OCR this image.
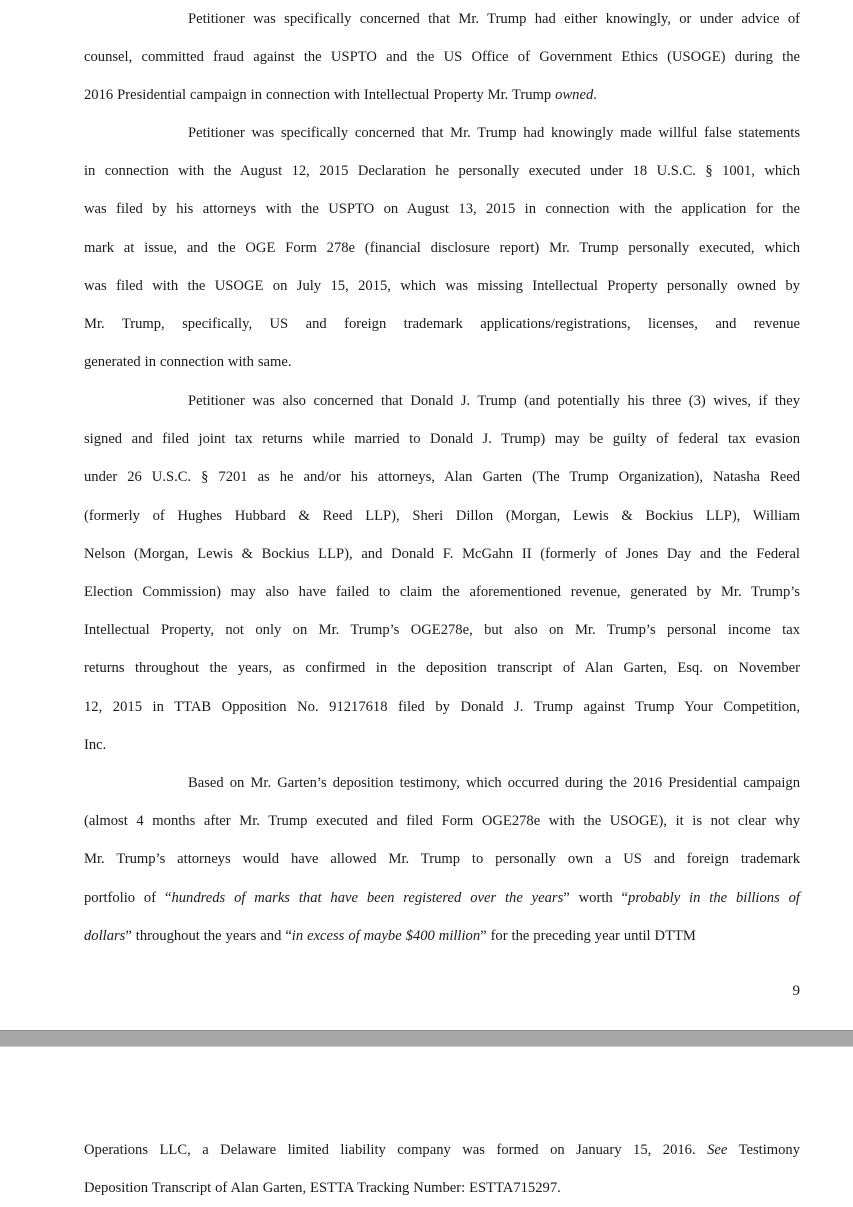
Petitioner was specifically concerned that Mr. Trump had either knowingly, or under advice of
counsel, committed fraud against the USPTO and the US Office of Government Ethics (USOGE) during the
2016 Presidential campaign in connection with Intellectual Property Mr. Trump owned.
Petitioner was specifically concerned that Mr. Trump had knowingly made willful false statements
in connection with the August 12, 2015 Declaration he personally executed under 18 U.S.C. § 1001, which
was filed by his attorneys with the USPTO on August 13, 2015 in connection with the application for the
mark at issue, and the OGE Form 278e (financial disclosure report) Mr. Trump personally executed, which
was filed with the USOGE on July 15, 2015, which was missing Intellectual Property personally owned by
Mr. Trump, specifically, US and foreign trademark applications/registrations, licenses, and revenue
generated in connection with same.
Petitioner was also concerned that Donald J. Trump (and potentially his three (3) wives, if they
signed and filed joint tax returns while married to Donald J. Trump) may be guilty of federal tax evasion
under 26 U.S.C. § 7201 as he and/or his attorneys, Alan Garten (The Trump Organization), Natasha Reed
(formerly of Hughes Hubbard & Reed LLP), Sheri Dillon (Morgan, Lewis & Bockius LLP), William
Nelson (Morgan, Lewis & Bockius LLP), and Donald F. McGahn II (formerly of Jones Day and the Federal
Election Commission) may also have failed to claim the aforementioned revenue, generated by Mr. Trump’s
Intellectual Property, not only on Mr. Trump’s OGE278e, but also on Mr. Trump’s personal income tax
returns throughout the years, as confirmed in the deposition transcript of Alan Garten, Esq. on November
12, 2015 in TTAB Opposition No. 91217618 filed by Donald J. Trump against Trump Your Competition,
Inc.
Based on Mr. Garten’s deposition testimony, which occurred during the 2016 Presidential campaign
(almost 4 months after Mr. Trump executed and filed Form OGE278e with the USOGE), it is not clear why
Mr. Trump’s attorneys would have allowed Mr. Trump to personally own a US and foreign trademark
portfolio of “hundreds of marks that have been registered over the years” worth “probably in the billions of
dollars” throughout the years and “in excess of maybe $400 million” for the preceding year until DTTM
9
Operations LLC, a Delaware limited liability company was formed on January 15, 2016. See Testimony
Deposition Transcript of Alan Garten, ESTTA Tracking Number: ESTTA715297.
